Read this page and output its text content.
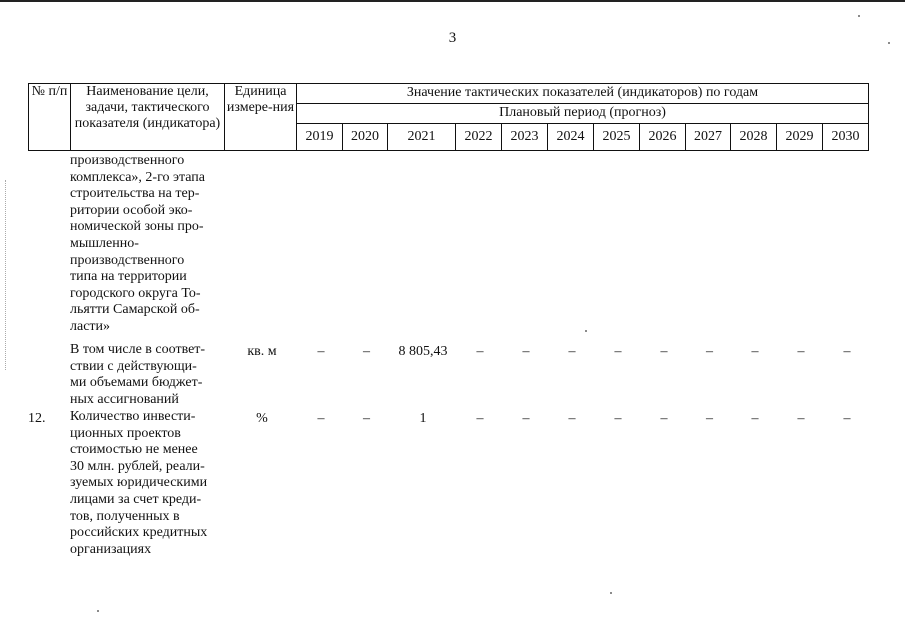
3
№ п/п	Наименование цели, задачи, тактического показателя (индикатора)	Единица измере-ния	Значение тактических показателей (индикаторов) по годам											
			Плановый период (прогноз)											
			2019	2020	2021	2022	2023	2024	2025	2026	2027	2028	2029	2030
производственного
комплекса», 2-го этапа
строительства на тер-
ритории особой эко-
номической зоны про-
мышленно-
производственного
типа на территории
городского округа То-
льятти Самарской об-
ласти»
В том числе в соответ-
ствии с действующи-
ми объемами бюджет-
ных ассигнований
кв. м	–	–	8 805,43	–	–	–	–	–	–	–	–	–
12.	Количество инвести-
ционных проектов
стоимостью не менее
30 млн. рублей, реали-
зуемых юридическими
лицами за счет креди-
тов, полученных в
российских кредитных
организациях
%	–	–	1	–	–	–	–	–	–	–	–	–
